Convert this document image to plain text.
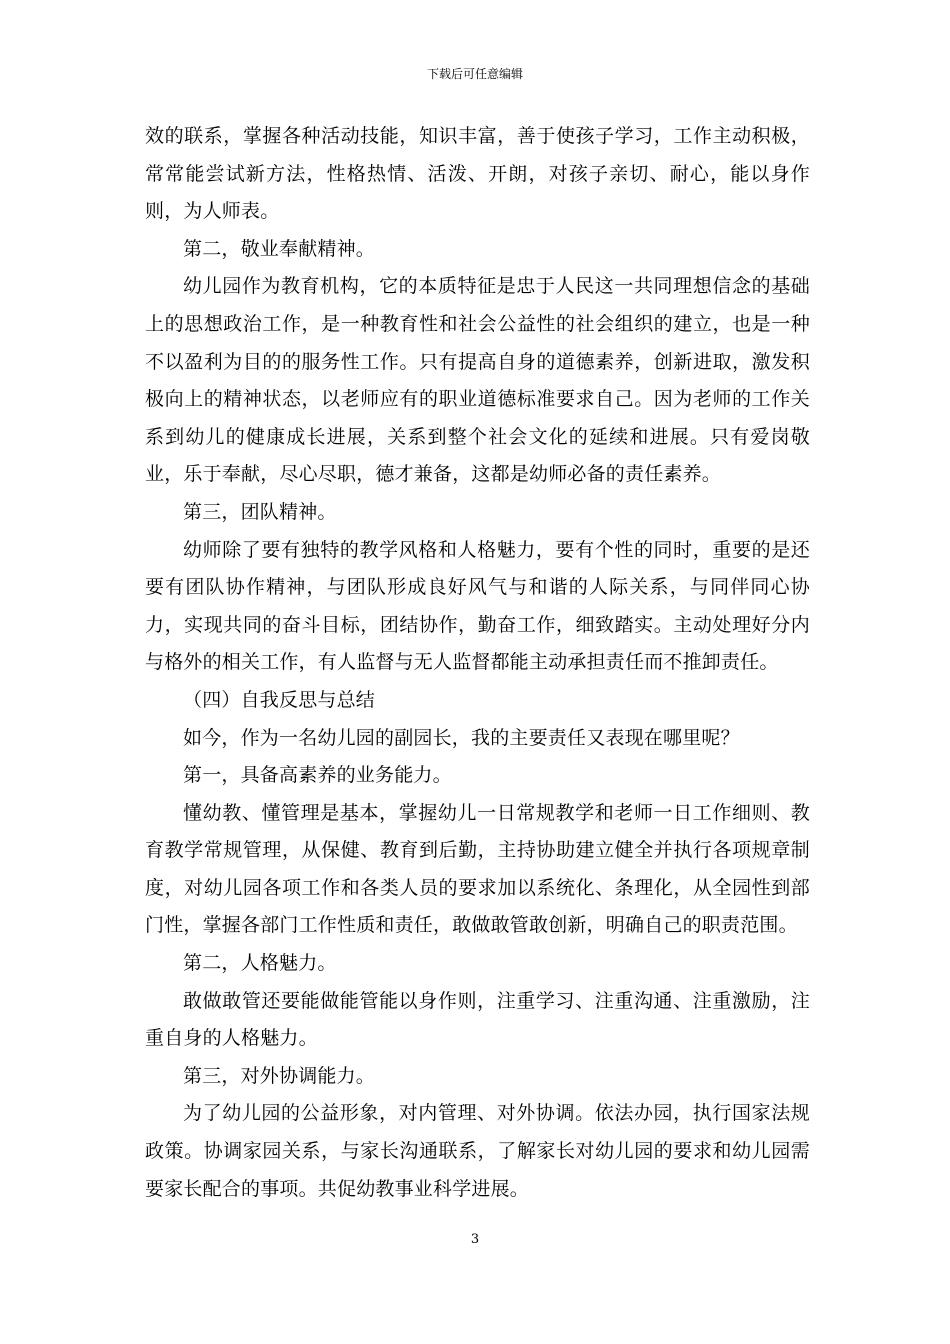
下载后可任意编辑

效的联系，掌握各种活动技能，知识丰富，善于使孩子学习，工作主动积极，常常能尝试新方法，性格热情、活泼、开朗，对孩子亲切、耐心，能以身作则，为人师表。

第二，敬业奉献精神。

幼儿园作为教育机构，它的本质特征是忠于人民这一共同理想信念的基础上的思想政治工作，是一种教育性和社会公益性的社会组织的建立，也是一种不以盈利为目的的服务性工作。只有提高自身的道德素养，创新进取，激发积极向上的精神状态，以老师应有的职业道德标准要求自己。因为老师的工作关系到幼儿的健康成长进展，关系到整个社会文化的延续和进展。只有爱岗敬业，乐于奉献，尽心尽职，德才兼备，这都是幼师必备的责任素养。

第三，团队精神。

幼师除了要有独特的教学风格和人格魅力，要有个性的同时，重要的是还要有团队协作精神，与团队形成良好风气与和谐的人际关系，与同伴同心协力，实现共同的奋斗目标，团结协作，勤奋工作，细致踏实。主动处理好分内与格外的相关工作，有人监督与无人监督都能主动承担责任而不推卸责任。

（四）自我反思与总结

如今，作为一名幼儿园的副园长，我的主要责任又表现在哪里呢？

第一，具备高素养的业务能力。

懂幼教、懂管理是基本，掌握幼儿一日常规教学和老师一日工作细则、教育教学常规管理，从保健、教育到后勤，主持协助建立健全并执行各项规章制度，对幼儿园各项工作和各类人员的要求加以系统化、条理化，从全园性到部门性，掌握各部门工作性质和责任，敢做敢管敢创新，明确自己的职责范围。

第二，人格魅力。

敢做敢管还要能做能管能以身作则，注重学习、注重沟通、注重激励，注重自身的人格魅力。

第三，对外协调能力。

为了幼儿园的公益形象，对内管理、对外协调。依法办园，执行国家法规政策。协调家园关系，与家长沟通联系，了解家长对幼儿园的要求和幼儿园需要家长配合的事项。共促幼教事业科学进展。

3
